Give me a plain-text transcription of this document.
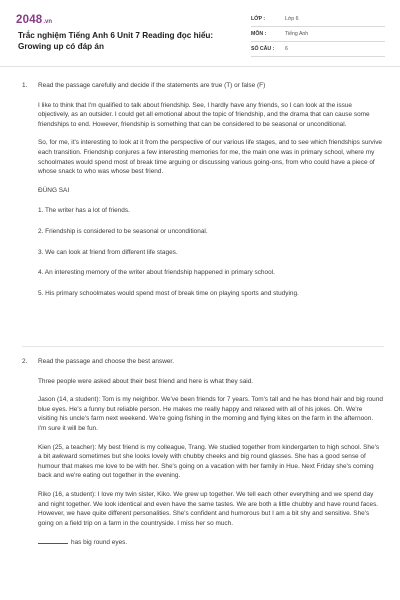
2048 .vn
Trắc nghiệm Tiếng Anh 6 Unit 7 Reading đọc hiểu: Growing up có đáp án
LỚP :	Lớp 6
MÔN :	Tiếng Anh
SỐ CÂU :	6
1.	Read the passage carefully and decide if the statements are true (T) or false (F)

I like to think that I'm qualified to talk about friendship. See, I hardly have any friends, so I can look at the issue objectively, as an outsider. I could get all emotional about the topic of friendship, and the drama that can cause some friendships to end. However, friendship is something that can be considered to be seasonal or unconditional.

So, for me, it's interesting to look at it from the perspective of our various life stages, and to see which friendships survive each transition. Friendship conjures a few interesting memories for me, the main one was in primary school, where my schoolmates would spend most of break time arguing or discussing various going-ons, from who could have a piece of whose snack to who was whose best friend.

ĐÚNG SAI

1. The writer has a lot of friends.

2. Friendship is considered to be seasonal or unconditional.

3. We can look at friend from different life stages.

4. An interesting memory of the writer about friendship happened in primary school.

5. His primary schoolmates would spend most of break time on playing sports and studying.

2.	Read the passage and choose the best answer.

Three people were asked about their best friend and here is what they said.

Jason (14, a student): Tom is my neighbor. We've been friends for 7 years. Tom's tall and he has blond hair and big round blue eyes. He's a funny but reliable person. He makes me really happy and relaxed with all of his jokes. Oh. We're visiting his uncle's farm next weekend. We're going fishing in the morning and flying kites on the farm in the afternoon. I'm sure it will be fun.

Kien (25, a teacher): My best friend is my colleague, Trang. We studied together from kindergarten to high school. She's a bit awkward sometimes but she looks lovely with chubby cheeks and big round glasses. She has a good sense of humour that makes me love to be with her. She's going on a vacation with her family in Hue. Next Friday she's coming back and we're eating out together in the evening.

Riko (16, a student): I love my twin sister, Kiko. We grew up together. We tell each other everything and we spend day and night together. We look identical and even have the same tastes. We are both a little chubby and have round faces. However, we have quite different personalities. She's confident and humorous but I am a bit shy and sensitive. She's going on a field trip on a farm in the countryside. I miss her so much.

has big round eyes.
